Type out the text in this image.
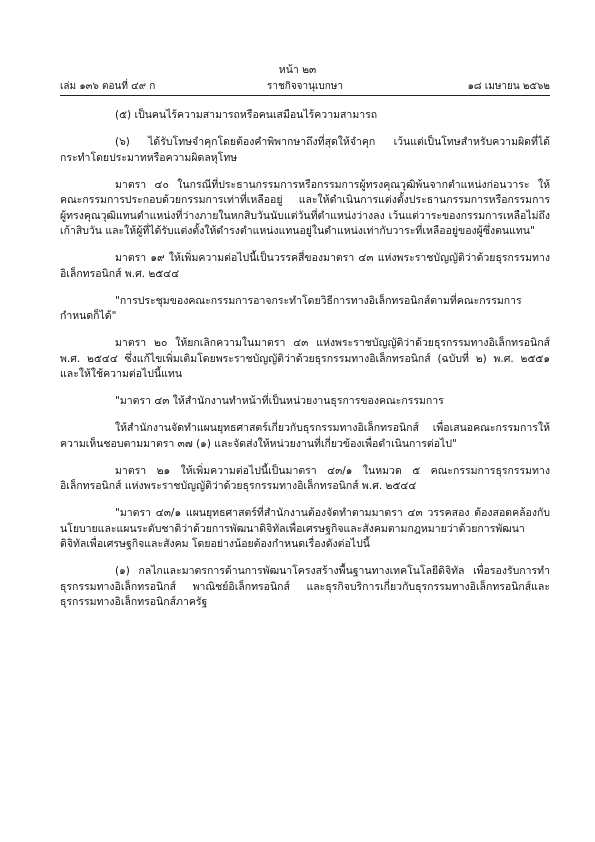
หน้า ๒๓
เล่ม ๑๓๖ ตอนที่ ๔๙ ก	ราชกิจจานุเบกษา	๑๘ เมษายน ๒๕๖๒

(๕) เป็นคนไร้ความสามารถหรือคนเสมือนไร้ความสามารถ

(๖) ได้รับโทษจำคุกโดยต้องคำพิพากษาถึงที่สุดให้จำคุก เว้นแต่เป็นโทษสำหรับความผิดที่ได้กระทำโดยประมาทหรือความผิดลหุโทษ

มาตรา ๔๐ ในกรณีที่ประธานกรรมการหรือกรรมการผู้ทรงคุณวุฒิพ้นจากตำแหน่งก่อนวาระ ให้คณะกรรมการประกอบด้วยกรรมการเท่าที่เหลืออยู่ และให้ดำเนินการแต่งตั้งประธานกรรมการหรือกรรมการผู้ทรงคุณวุฒิแทนตำแหน่งที่ว่างภายในหกสิบวันนับแต่วันที่ตำแหน่งว่างลง เว้นแต่วาระของกรรมการเหลือไม่ถึงเก้าสิบวัน และให้ผู้ที่ได้รับแต่งตั้งให้ดำรงตำแหน่งแทนอยู่ในตำแหน่งเท่ากับวาระที่เหลืออยู่ของผู้ซึ่งตนแทน"

มาตรา ๑๙ ให้เพิ่มความต่อไปนี้เป็นวรรคสี่ของมาตรา ๔๓ แห่งพระราชบัญญัติว่าด้วยธุรกรรมทางอิเล็กทรอนิกส์ พ.ศ. ๒๕๔๔

"การประชุมของคณะกรรมการอาจกระทำโดยวิธีการทางอิเล็กทรอนิกส์ตามที่คณะกรรมการกำหนดก็ได้"

มาตรา ๒๐ ให้ยกเลิกความในมาตรา ๔๓ แห่งพระราชบัญญัติว่าด้วยธุรกรรมทางอิเล็กทรอนิกส์ พ.ศ. ๒๕๔๔ ซึ่งแก้ไขเพิ่มเติมโดยพระราชบัญญัติว่าด้วยธุรกรรมทางอิเล็กทรอนิกส์ (ฉบับที่ ๒) พ.ศ. ๒๕๕๑ และให้ใช้ความต่อไปนี้แทน

"มาตรา ๔๓ ให้สำนักงานทำหน้าที่เป็นหน่วยงานธุรการของคณะกรรมการ

ให้สำนักงานจัดทำแผนยุทธศาสตร์เกี่ยวกับธุรกรรมทางอิเล็กทรอนิกส์ เพื่อเสนอคณะกรรมการให้ความเห็นชอบตามมาตรา ๓๗ (๑) และจัดส่งให้หน่วยงานที่เกี่ยวข้องเพื่อดำเนินการต่อไป"

มาตรา ๒๑ ให้เพิ่มความต่อไปนี้เป็นมาตรา ๔๓/๑ ในหมวด ๕ คณะกรรมการธุรกรรมทางอิเล็กทรอนิกส์ แห่งพระราชบัญญัติว่าด้วยธุรกรรมทางอิเล็กทรอนิกส์ พ.ศ. ๒๕๔๔

"มาตรา ๔๓/๑ แผนยุทธศาสตร์ที่สำนักงานต้องจัดทำตามมาตรา ๔๓ วรรคสอง ต้องสอดคล้องกับนโยบายและแผนระดับชาติว่าด้วยการพัฒนาดิจิทัลเพื่อเศรษฐกิจและสังคมตามกฎหมายว่าด้วยการพัฒนาดิจิทัลเพื่อเศรษฐกิจและสังคม โดยอย่างน้อยต้องกำหนดเรื่องดังต่อไปนี้

(๑) กลไกและมาตรการด้านการพัฒนาโครงสร้างพื้นฐานทางเทคโนโลยีดิจิทัล เพื่อรองรับการทำธุรกรรมทางอิเล็กทรอนิกส์ พาณิชย์อิเล็กทรอนิกส์ และธุรกิจบริการเกี่ยวกับธุรกรรมทางอิเล็กทรอนิกส์และธุรกรรมทางอิเล็กทรอนิกส์ภาครัฐ
